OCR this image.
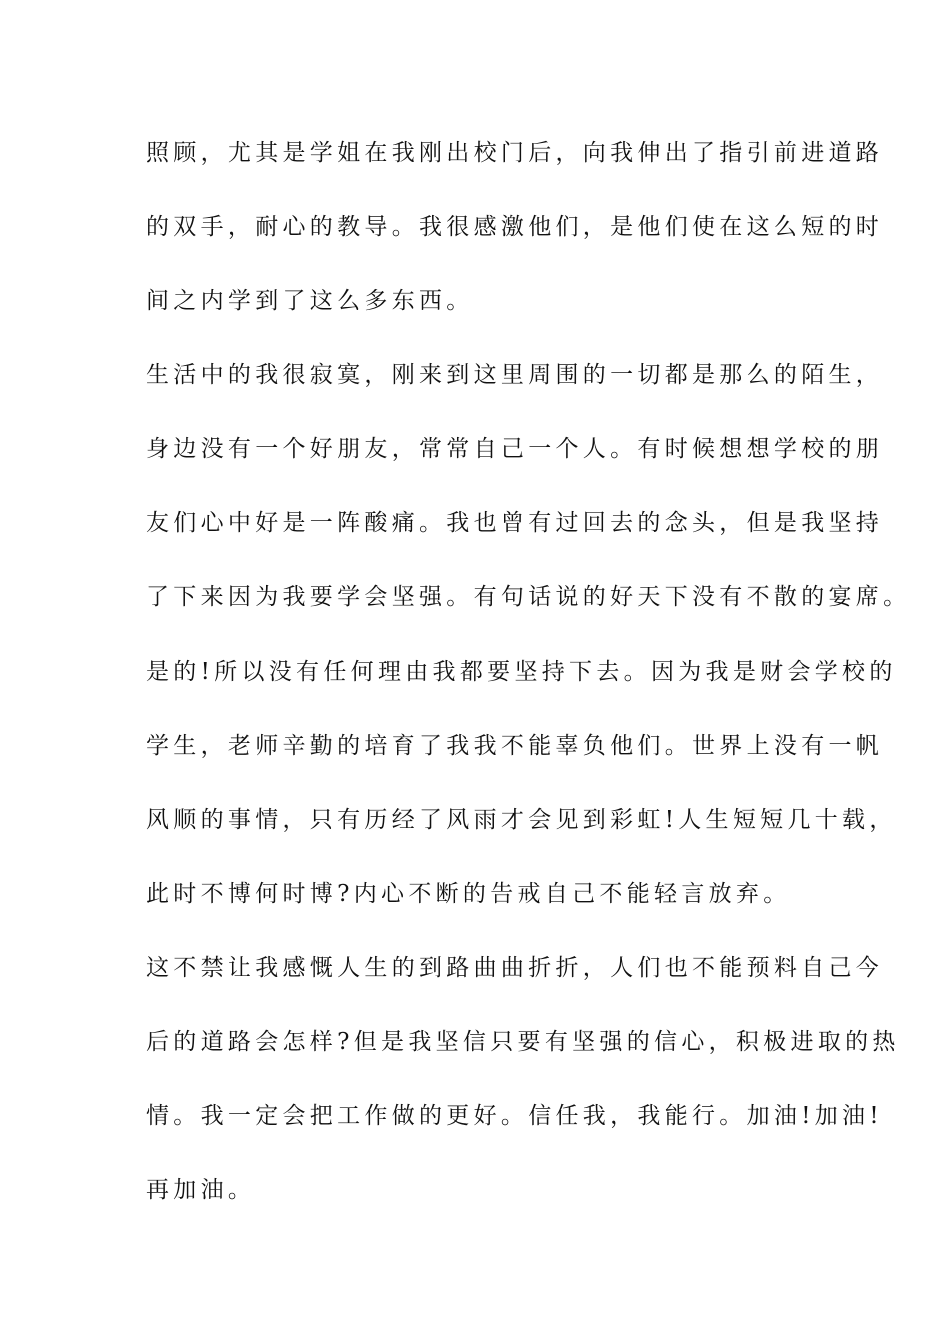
照顾，尤其是学姐在我刚出校门后，向我伸出了指引前进道路

的双手，耐心的教导。我很感激他们，是他们使在这么短的时

间之内学到了这么多东西。

生活中的我很寂寞，刚来到这里周围的一切都是那么的陌生，

身边没有一个好朋友，常常自己一个人。有时候想想学校的朋

友们心中好是一阵酸痛。我也曾有过回去的念头，但是我坚持

了下来因为我要学会坚强。有句话说的好天下没有不散的宴席。

是的!所以没有任何理由我都要坚持下去。因为我是财会学校的

学生，老师辛勤的培育了我我不能辜负他们。世界上没有一帆

风顺的事情，只有历经了风雨才会见到彩虹!人生短短几十载，

此时不博何时博?内心不断的告戒自己不能轻言放弃。

这不禁让我感慨人生的到路曲曲折折，人们也不能预料自己今

后的道路会怎样?但是我坚信只要有坚强的信心，积极进取的热

情。我一定会把工作做的更好。信任我，我能行。加油!加油!

再加油。
